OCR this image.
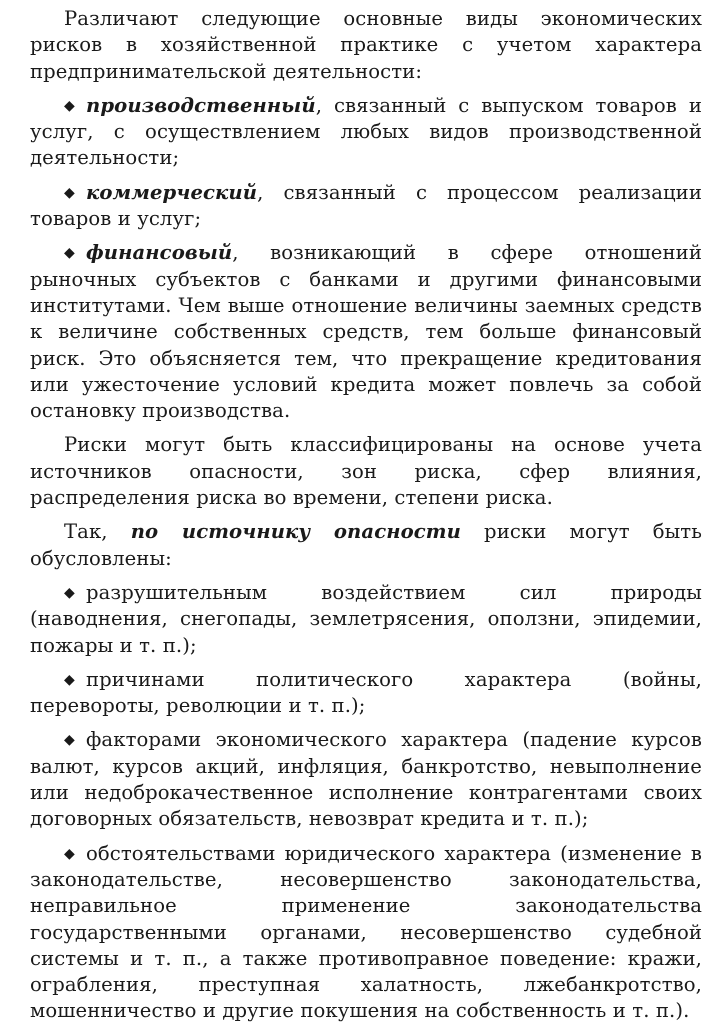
Различают следующие основные виды экономических рисков в хозяйственной практике с учетом характера предпринимательской деятельности:

◆ производственный, связанный с выпуском товаров и услуг, с осуществлением любых видов производственной деятельности;

◆ коммерческий, связанный с процессом реализации товаров и услуг;

◆ финансовый, возникающий в сфере отношений рыночных субъектов с банками и другими финансовыми институтами. Чем выше отношение величины заемных средств к величине собственных средств, тем больше финансовый риск. Это объясняется тем, что прекращение кредитования или ужесточение условий кредита может повлечь за собой остановку производства.

Риски могут быть классифицированы на основе учета источников опасности, зон риска, сфер влияния, распределения риска во времени, степени риска.

Так, по источнику опасности риски могут быть обусловлены:

◆ разрушительным воздействием сил природы (наводнения, снегопады, землетрясения, оползни, эпидемии, пожары и т. п.);

◆ причинами политического характера (войны, перевороты, революции и т. п.);

◆ факторами экономического характера (падение курсов валют, курсов акций, инфляция, банкротство, невыполнение или недоброкачественное исполнение контрагентами своих договорных обязательств, невозврат кредита и т. п.);

◆ обстоятельствами юридического характера (изменение в законодательстве, несовершенство законодательства, неправильное применение законодательства государственными органами, несовершенство судебной системы и т. п., а также противоправное поведение: кражи, ограбления, преступная халатность, лжебанкротство, мошенничество и другие покушения на собственность и т. п.).
